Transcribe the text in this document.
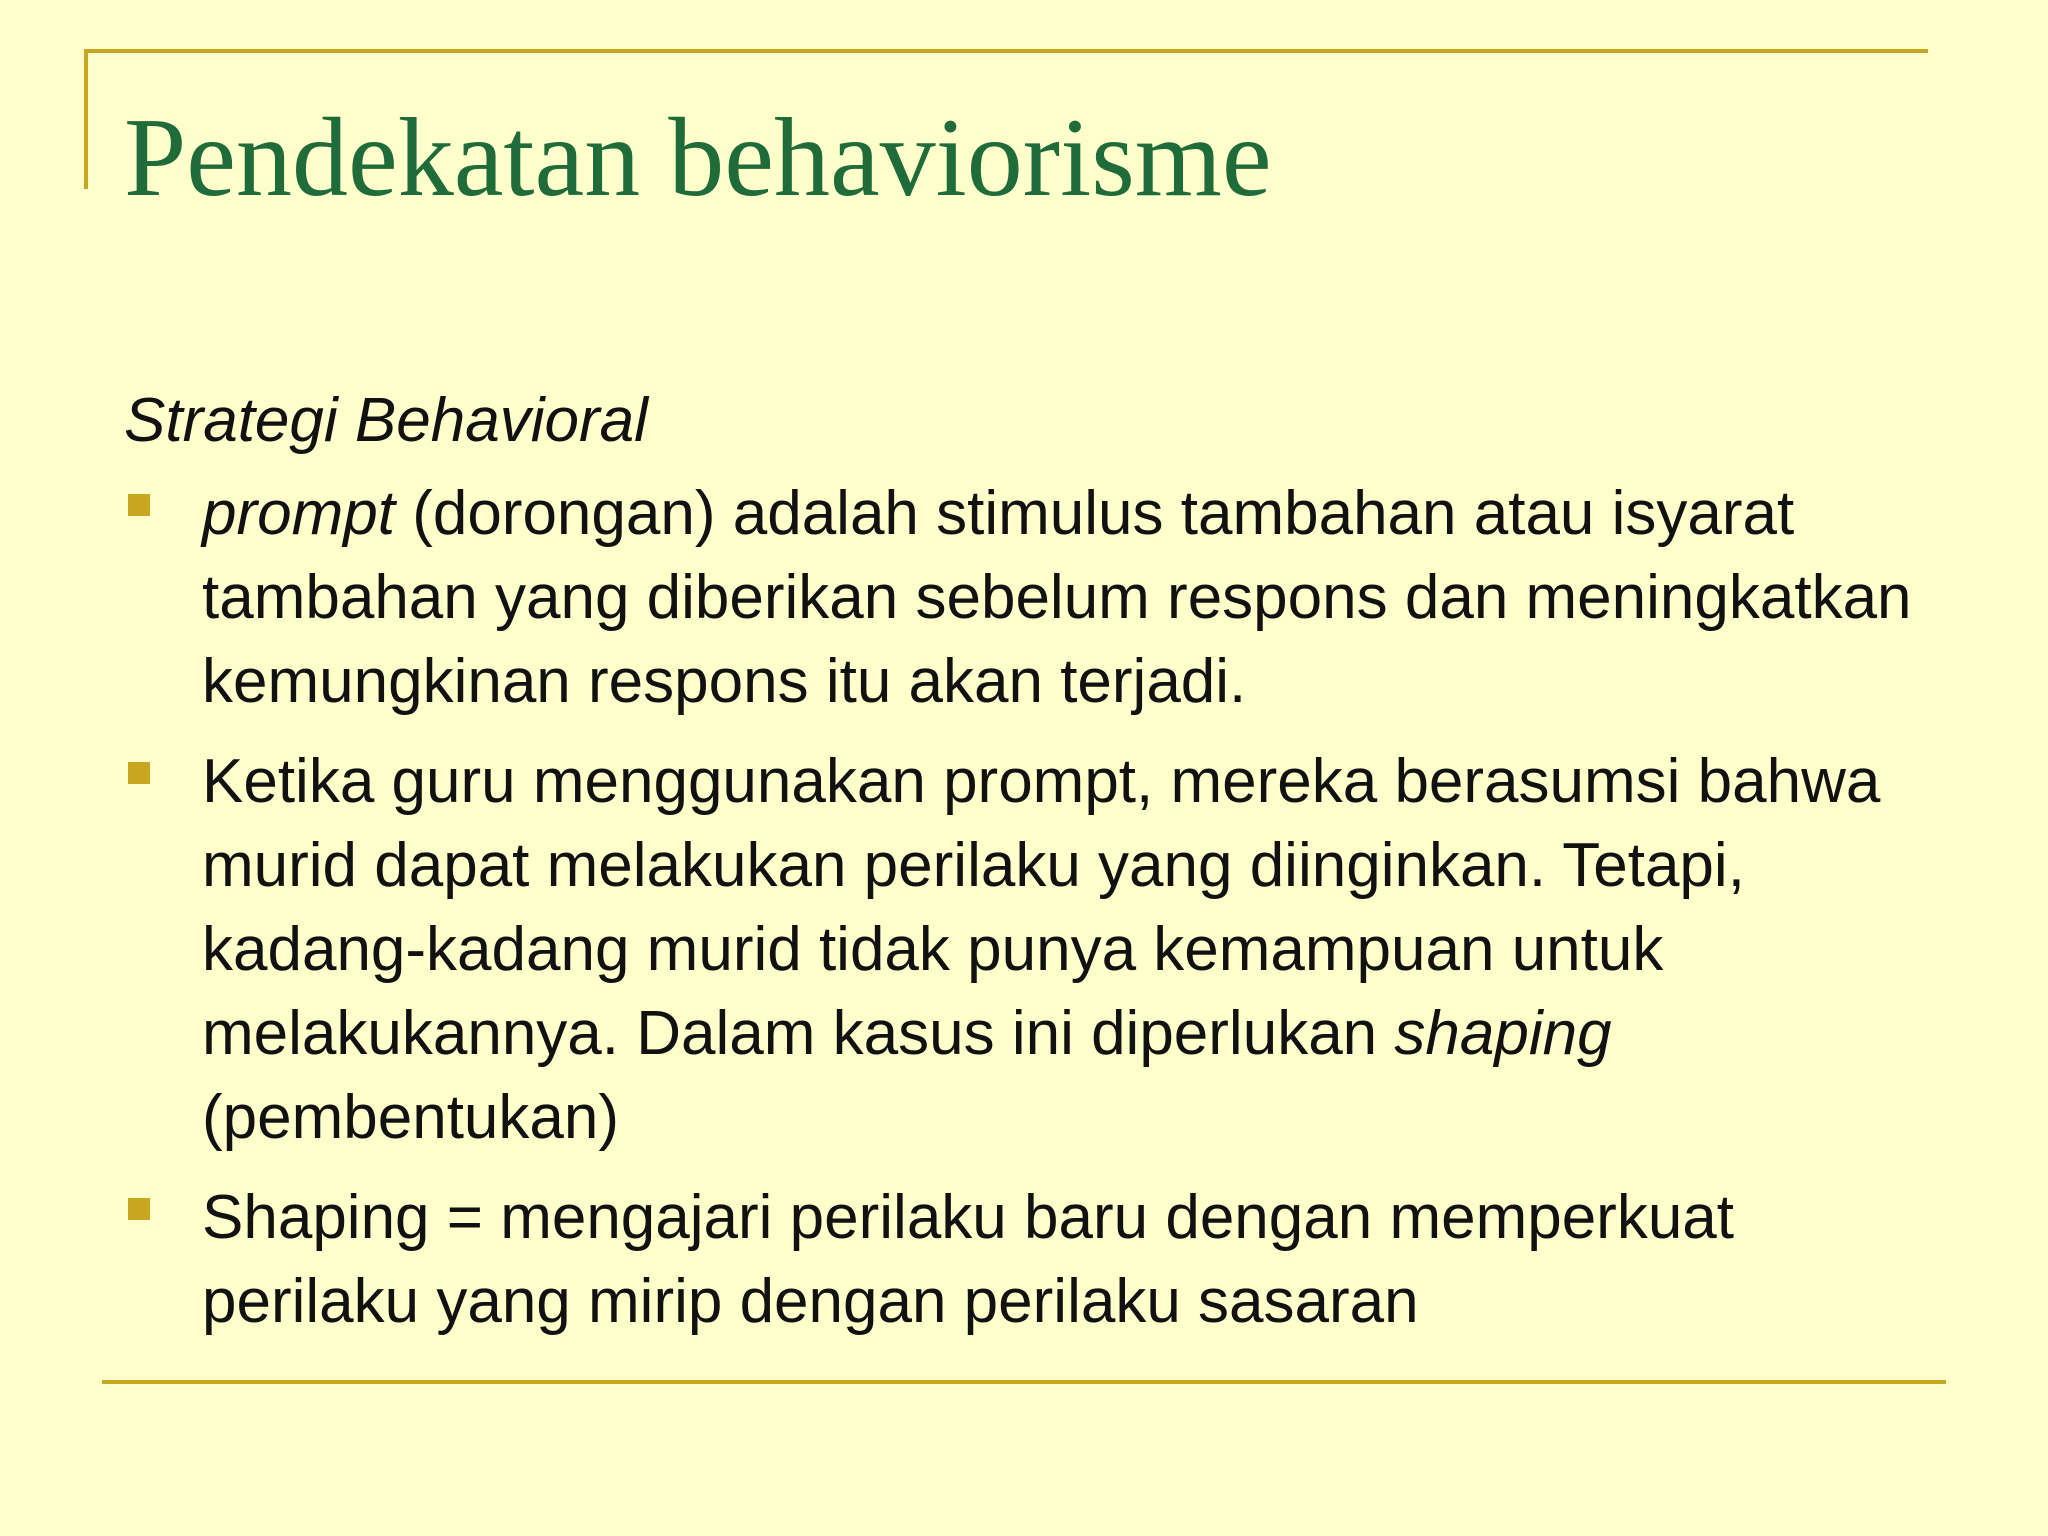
Pendekatan behaviorisme
Strategi Behavioral
prompt (dorongan) adalah stimulus tambahan atau isyarat tambahan yang diberikan sebelum respons dan meningkatkan kemungkinan respons itu akan terjadi.
Ketika guru menggunakan prompt, mereka berasumsi bahwa murid dapat melakukan perilaku yang diinginkan. Tetapi, kadang-kadang murid tidak punya kemampuan untuk melakukannya. Dalam kasus ini diperlukan shaping (pembentukan)
Shaping = mengajari perilaku baru dengan memperkuat perilaku yang mirip dengan perilaku sasaran
